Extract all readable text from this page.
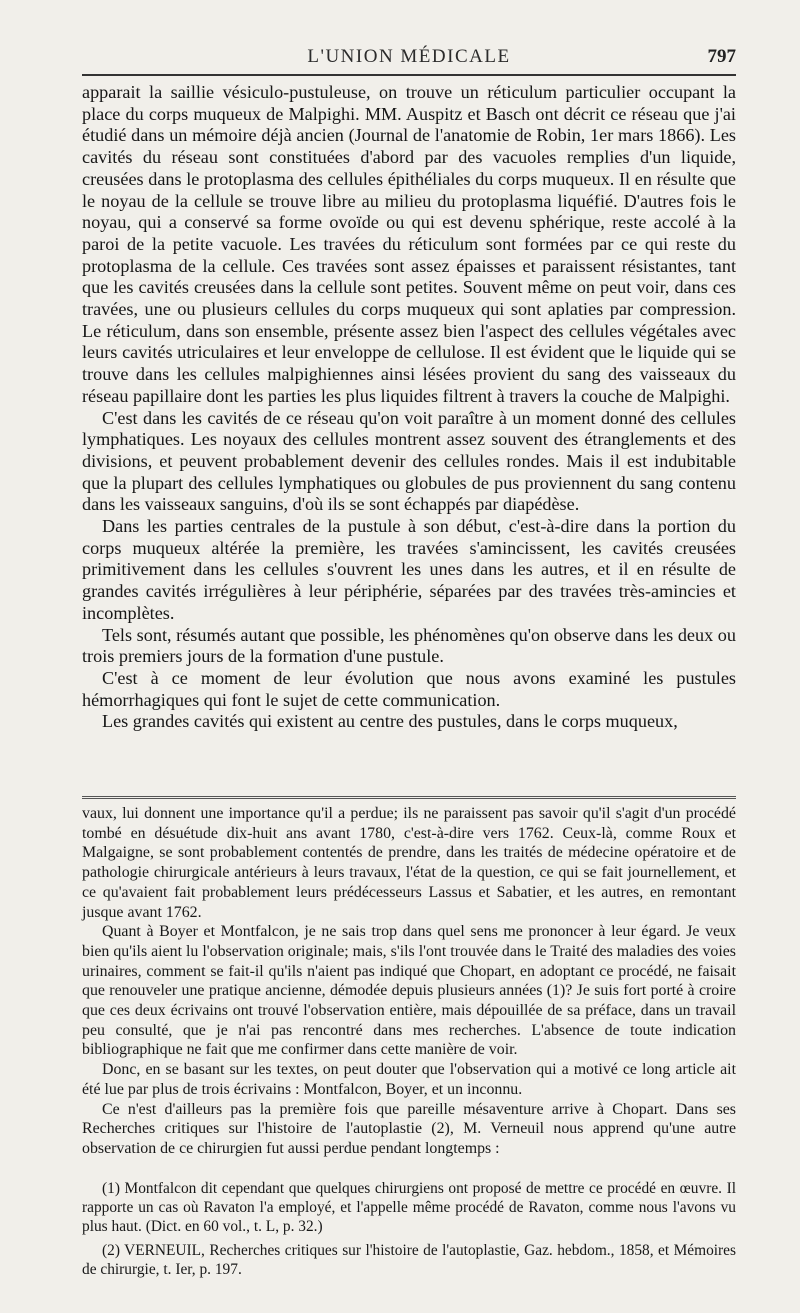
L'UNION MÉDICALE	797

apparait la saillie vésiculo-pustuleuse, on trouve un réticulum particulier occupant la place du corps muqueux de Malpighi. MM. Auspitz et Basch ont décrit ce réseau que j'ai étudié dans un mémoire déjà ancien (Journal de l'anatomie de Robin, 1er mars 1866). Les cavités du réseau sont constituées d'abord par des vacuoles remplies d'un liquide, creusées dans le protoplasma des cellules épithéliales du corps muqueux. Il en résulte que le noyau de la cellule se trouve libre au milieu du protoplasma liquéfié. D'autres fois le noyau, qui a conservé sa forme ovoïde ou qui est devenu sphérique, reste accolé à la paroi de la petite vacuole. Les travées du réticulum sont formées par ce qui reste du protoplasma de la cellule. Ces travées sont assez épaisses et paraissent résistantes, tant que les cavités creusées dans la cellule sont petites. Souvent même on peut voir, dans ces travées, une ou plusieurs cellules du corps muqueux qui sont aplaties par compression. Le réticulum, dans son ensemble, présente assez bien l'aspect des cellules végétales avec leurs cavités utriculaires et leur enveloppe de cellulose. Il est évident que le liquide qui se trouve dans les cellules malpighiennes ainsi lésées provient du sang des vaisseaux du réseau papillaire dont les parties les plus liquides filtrent à travers la couche de Malpighi.

C'est dans les cavités de ce réseau qu'on voit paraître à un moment donné des cellules lymphatiques. Les noyaux des cellules montrent assez souvent des étranglements et des divisions, et peuvent probablement devenir des cellules rondes. Mais il est indubitable que la plupart des cellules lymphatiques ou globules de pus proviennent du sang contenu dans les vaisseaux sanguins, d'où ils se sont échappés par diapédèse.

Dans les parties centrales de la pustule à son début, c'est-à-dire dans la portion du corps muqueux altérée la première, les travées s'amincissent, les cavités creusées primitivement dans les cellules s'ouvrent les unes dans les autres, et il en résulte de grandes cavités irrégulières à leur périphérie, séparées par des travées très-amincies et incomplètes.

Tels sont, résumés autant que possible, les phénomènes qu'on observe dans les deux ou trois premiers jours de la formation d'une pustule.

C'est à ce moment de leur évolution que nous avons examiné les pustules hémorrhagiques qui font le sujet de cette communication.

Les grandes cavités qui existent au centre des pustules, dans le corps muqueux,

vaux, lui donnent une importance qu'il a perdue; ils ne paraissent pas savoir qu'il s'agit d'un procédé tombé en désuétude dix-huit ans avant 1780, c'est-à-dire vers 1762. Ceux-là, comme Roux et Malgaigne, se sont probablement contentés de prendre, dans les traités de médecine opératoire et de pathologie chirurgicale antérieurs à leurs travaux, l'état de la question, ce qui se fait journellement, et ce qu'avaient fait probablement leurs prédécesseurs Lassus et Sabatier, et les autres, en remontant jusque avant 1762.

Quant à Boyer et Montfalcon, je ne sais trop dans quel sens me prononcer à leur égard. Je veux bien qu'ils aient lu l'observation originale; mais, s'ils l'ont trouvée dans le Traité des maladies des voies urinaires, comment se fait-il qu'ils n'aient pas indiqué que Chopart, en adoptant ce procédé, ne faisait que renouveler une pratique ancienne, démodée depuis plusieurs années (1)? Je suis fort porté à croire que ces deux écrivains ont trouvé l'observation entière, mais dépouillée de sa préface, dans un travail peu consulté, que je n'ai pas rencontré dans mes recherches. L'absence de toute indication bibliographique ne fait que me confirmer dans cette manière de voir.

Donc, en se basant sur les textes, on peut douter que l'observation qui a motivé ce long article ait été lue par plus de trois écrivains : Montfalcon, Boyer, et un inconnu.

Ce n'est d'ailleurs pas la première fois que pareille mésaventure arrive à Chopart. Dans ses Recherches critiques sur l'histoire de l'autoplastie (2), M. Verneuil nous apprend qu'une autre observation de ce chirurgien fut aussi perdue pendant longtemps :

(1) Montfalcon dit cependant que quelques chirurgiens ont proposé de mettre ce procédé en œuvre. Il rapporte un cas où Ravaton l'a employé, et l'appelle même procédé de Ravaton, comme nous l'avons vu plus haut. (Dict. en 60 vol., t. L, p. 32.)

(2) VERNEUIL, Recherches critiques sur l'histoire de l'autoplastie, Gaz. hebdom., 1858, et Mémoires de chirurgie, t. Ier, p. 197.
